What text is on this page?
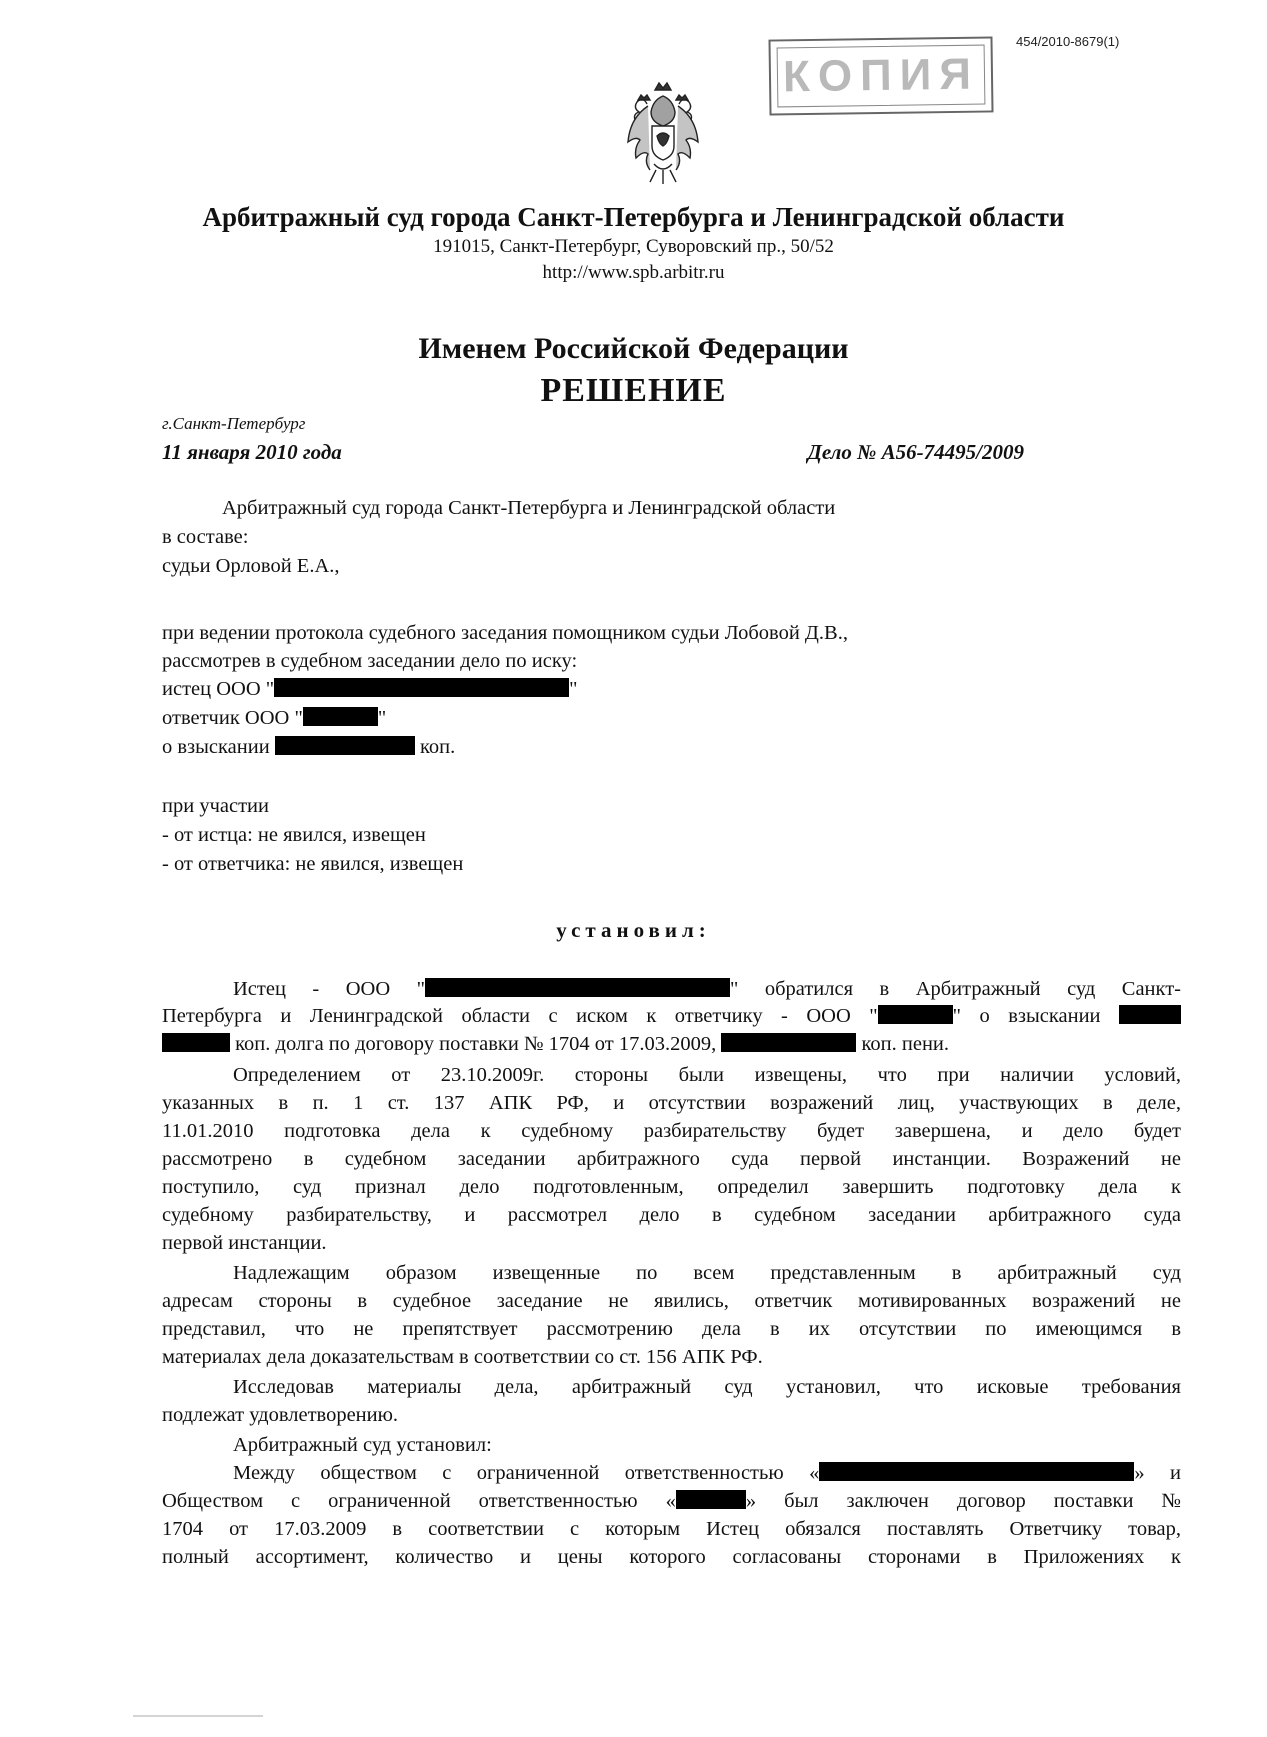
454/2010-8679(1)
КОПИЯ
Арбитражный суд города Санкт-Петербурга и Ленинградской области
191015, Санкт-Петербург, Суворовский пр., 50/52
http://www.spb.arbitr.ru
Именем Российской Федерации
РЕШЕНИЕ
г.Санкт-Петербург
11 января 2010 года	Дело № А56-74495/2009
Арбитражный суд города Санкт-Петербурга и Ленинградской области
в составе:
судьи Орловой Е.А.,
при ведении протокола судебного заседания помощником судьи Лобовой Д.В.,
рассмотрев в судебном заседании дело по иску:
истец ООО "	"
ответчик ООО "	"
о взыскании	коп.
при участии
- от истца: не явился, извещен
- от ответчика: не явился, извещен
установил:
Истец - ООО "	" обратился в Арбитражный суд Санкт-
Петербурга и Ленинградской области с иском к ответчику - ООО "	" о взыскании
коп. долга по договору поставки № 1704 от 17.03.2009,	коп. пени.
Определением от 23.10.2009г. стороны были извещены, что при наличии условий,
указанных в п. 1 ст. 137 АПК РФ, и отсутствии возражений лиц, участвующих в деле,
11.01.2010 подготовка дела к судебному разбирательству будет завершена, и дело будет
рассмотрено в судебном заседании арбитражного суда первой инстанции. Возражений не
поступило, суд признал дело подготовленным, определил завершить подготовку дела к
судебному разбирательству, и рассмотрел дело в судебном заседании арбитражного суда
первой инстанции.
Надлежащим образом извещенные по всем представленным в арбитражный суд
адресам стороны в судебное заседание не явились, ответчик мотивированных возражений не
представил, что не препятствует рассмотрению дела в их отсутствии по имеющимся в
материалах дела доказательствам в соответствии со ст. 156 АПК РФ.
Исследовав материалы дела, арбитражный суд установил, что исковые требования
подлежат удовлетворению.
Арбитражный суд установил:
Между обществом с ограниченной ответственностью «	» и
Обществом с ограниченной ответственностью «	» был заключен договор поставки №
1704 от 17.03.2009 в соответствии с которым Истец обязался поставлять Ответчику товар,
полный ассортимент, количество и цены которого согласованы сторонами в Приложениях к
